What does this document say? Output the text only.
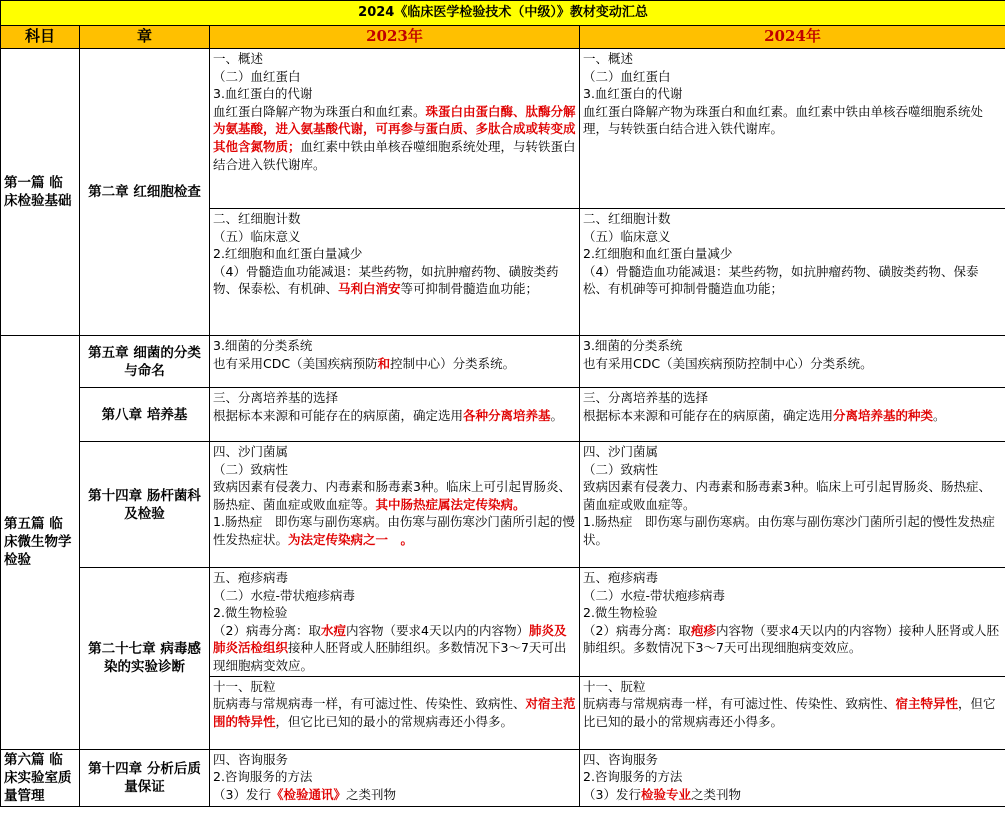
2024《临床医学检验技术（中级）》教材变动汇总			
科目	章	2023年	2024年
第一篇 临床检验基础	第二章 红细胞检查	一、概述
（二）血红蛋白
3.血红蛋白的代谢
血红蛋白降解产物为珠蛋白和血红素。珠蛋白由蛋白酶、肽酶分解为氨基酸，进入氨基酸代谢，可再参与蛋白质、多肽合成或转变成其他含氮物质；血红素中铁由单核吞噬细胞系统处理，与转铁蛋白结合进入铁代谢库。	一、概述
（二）血红蛋白
3.血红蛋白的代谢
血红蛋白降解产物为珠蛋白和血红素。血红素中铁由单核吞噬细胞系统处理，与转铁蛋白结合进入铁代谢库。

		二、红细胞计数
（五）临床意义
2.红细胞和血红蛋白量减少
（4）骨髓造血功能减退：某些药物，如抗肿瘤药物、磺胺类药物、保泰松、有机砷、马利白消安等可抑制骨髓造血功能；	二、红细胞计数
（五）临床意义
2.红细胞和血红蛋白量减少
（4）骨髓造血功能减退：某些药物，如抗肿瘤药物、磺胺类药物、保泰松、有机砷等可抑制骨髓造血功能；

第五篇 临床微生物学检验	第五章 细菌的分类与命名	3.细菌的分类系统
也有采用CDC（美国疾病预防和控制中心）分类系统。	3.细菌的分类系统
也有采用CDC（美国疾病预防控制中心）分类系统。

	第八章 培养基	三、分离培养基的选择
根据标本来源和可能存在的病原菌，确定选用各种分离培养基。	三、分离培养基的选择
根据标本来源和可能存在的病原菌，确定选用分离培养基的种类。

	第十四章 肠杆菌科及检验	四、沙门菌属
（二）致病性
致病因素有侵袭力、内毒素和肠毒素3种。临床上可引起胃肠炎、肠热症、菌血症或败血症等。其中肠热症属法定传染病。
1.肠热症　即伤寒与副伤寒病。由伤寒与副伤寒沙门菌所引起的慢性发热症状。为法定传染病之一　。	四、沙门菌属
（二）致病性
致病因素有侵袭力、内毒素和肠毒素3种。临床上可引起胃肠炎、肠热症、菌血症或败血症等。
1.肠热症　即伤寒与副伤寒病。由伤寒与副伤寒沙门菌所引起的慢性发热症状。

	第二十七章 病毒感染的实验诊断	五、疱疹病毒
（二）水痘-带状疱疹病毒
2.微生物检验
（2）病毒分离：取水痘内容物（要求4天以内的内容物）肺炎及肺炎活检组织接种人胚肾或人胚肺组织。多数情况下3～7天可出现细胞病变效应。	五、疱疹病毒
（二）水痘-带状疱疹病毒
2.微生物检验
（2）病毒分离：取疱疹内容物（要求4天以内的内容物）接种人胚肾或人胚肺组织。多数情况下3～7天可出现细胞病变效应。

		十一、朊粒
朊病毒与常规病毒一样，有可滤过性、传染性、致病性、对宿主范围的特异性，但它比已知的最小的常规病毒还小得多。	十一、朊粒
朊病毒与常规病毒一样，有可滤过性、传染性、致病性、宿主特异性，但它比已知的最小的常规病毒还小得多。

第六篇 临床实验室质量管理	第十四章 分析后质量保证	四、咨询服务
2.咨询服务的方法
（3）发行《检验通讯》之类刊物	四、咨询服务
2.咨询服务的方法
（3）发行检验专业之类刊物
